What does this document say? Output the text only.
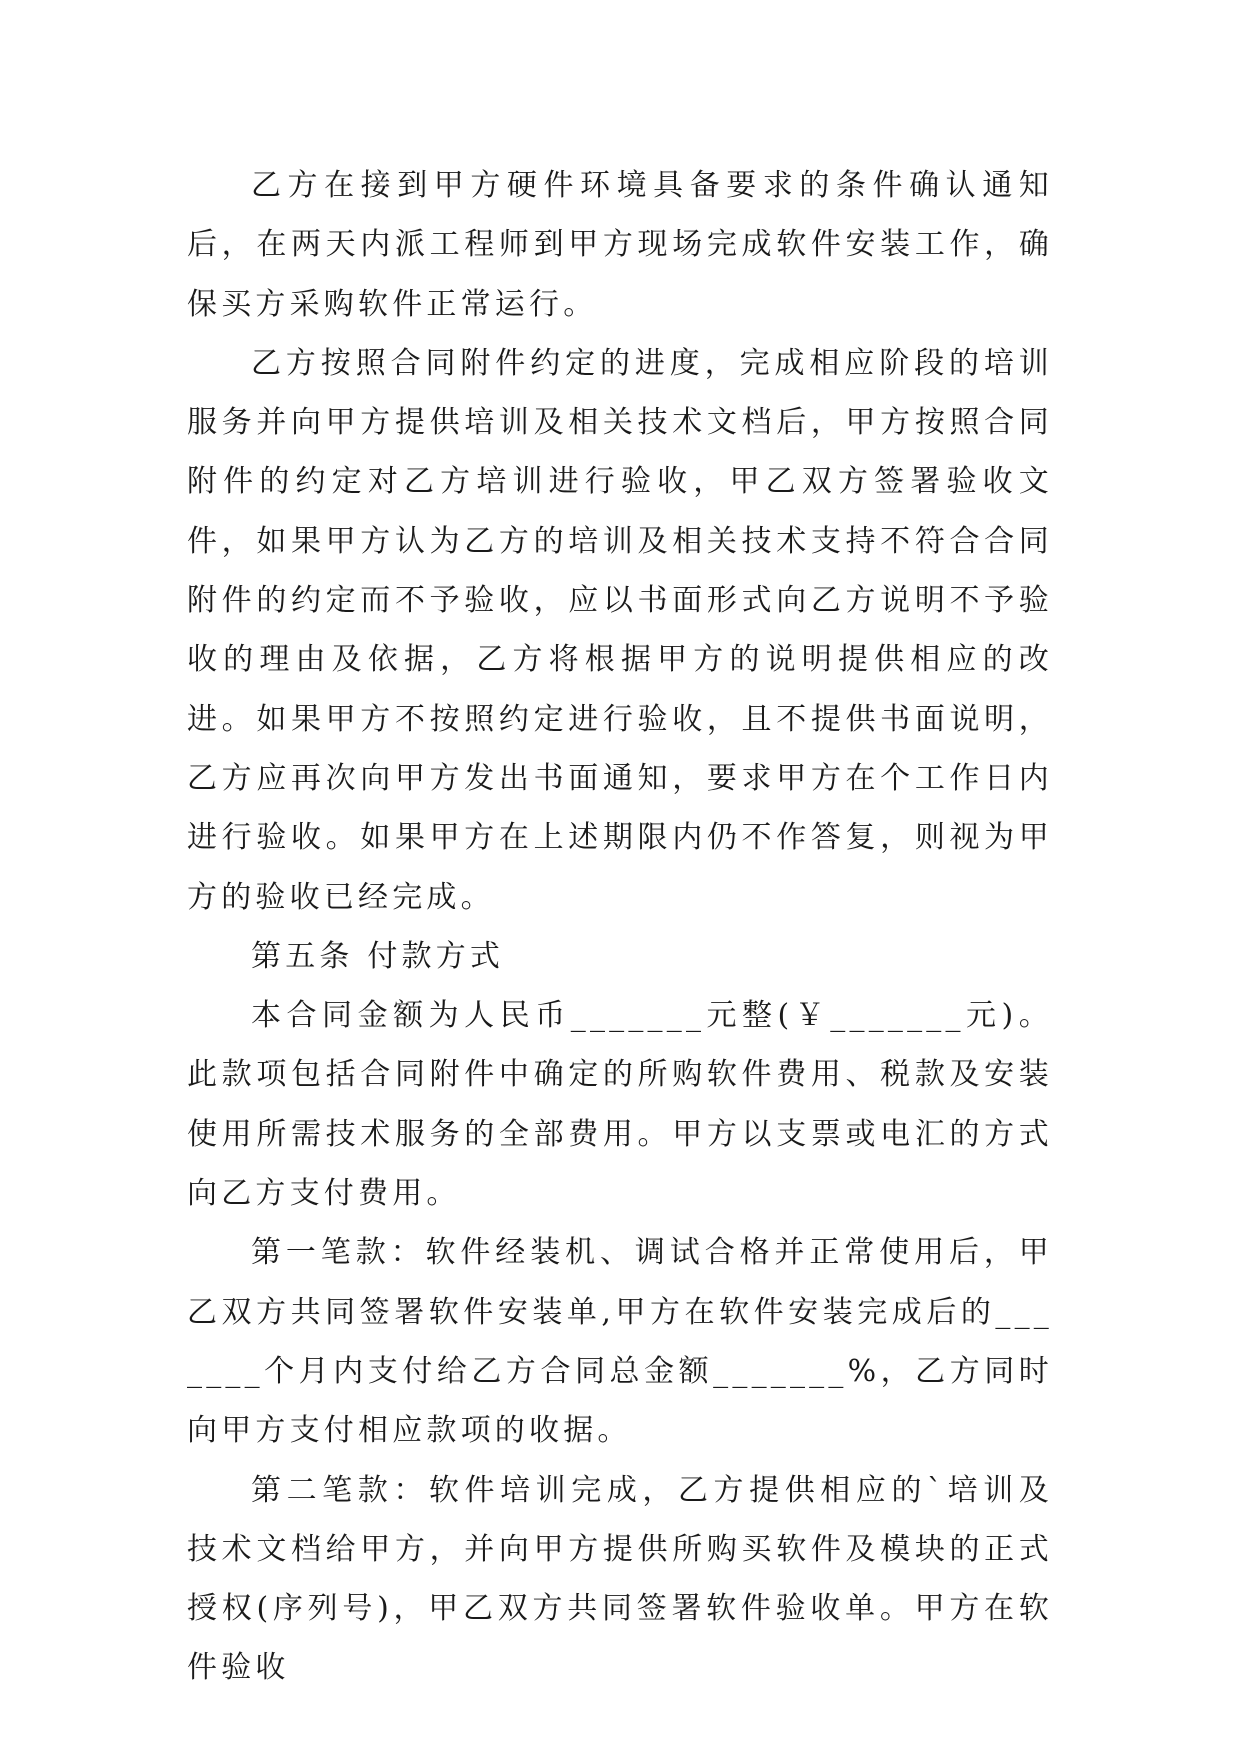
乙方在接到甲方硬件环境具备要求的条件确认通知后，在两天内派工程师到甲方现场完成软件安装工作，确保买方采购软件正常运行。

乙方按照合同附件约定的进度，完成相应阶段的培训服务并向甲方提供培训及相关技术文档后，甲方按照合同附件的约定对乙方培训进行验收，甲乙双方签署验收文件，如果甲方认为乙方的培训及相关技术支持不符合合同附件的约定而不予验收，应以书面形式向乙方说明不予验收的理由及依据，乙方将根据甲方的说明提供相应的改进。如果甲方不按照约定进行验收，且不提供书面说明，乙方应再次向甲方发出书面通知，要求甲方在个工作日内进行验收。如果甲方在上述期限内仍不作答复，则视为甲方的验收已经完成。

第五条 付款方式

本合同金额为人民币_______元整(￥_______元)。此款项包括合同附件中确定的所购软件费用、税款及安装使用所需技术服务的全部费用。甲方以支票或电汇的方式向乙方支付费用。

第一笔款：软件经装机、调试合格并正常使用后，甲乙双方共同签署软件安装单,甲方在软件安装完成后的_______个月内支付给乙方合同总金额_______%，乙方同时向甲方支付相应款项的收据。

第二笔款：软件培训完成，乙方提供相应的`培训及技术文档给甲方，并向甲方提供所购买软件及模块的正式授权(序列号)，甲乙双方共同签署软件验收单。甲方在软件验收
